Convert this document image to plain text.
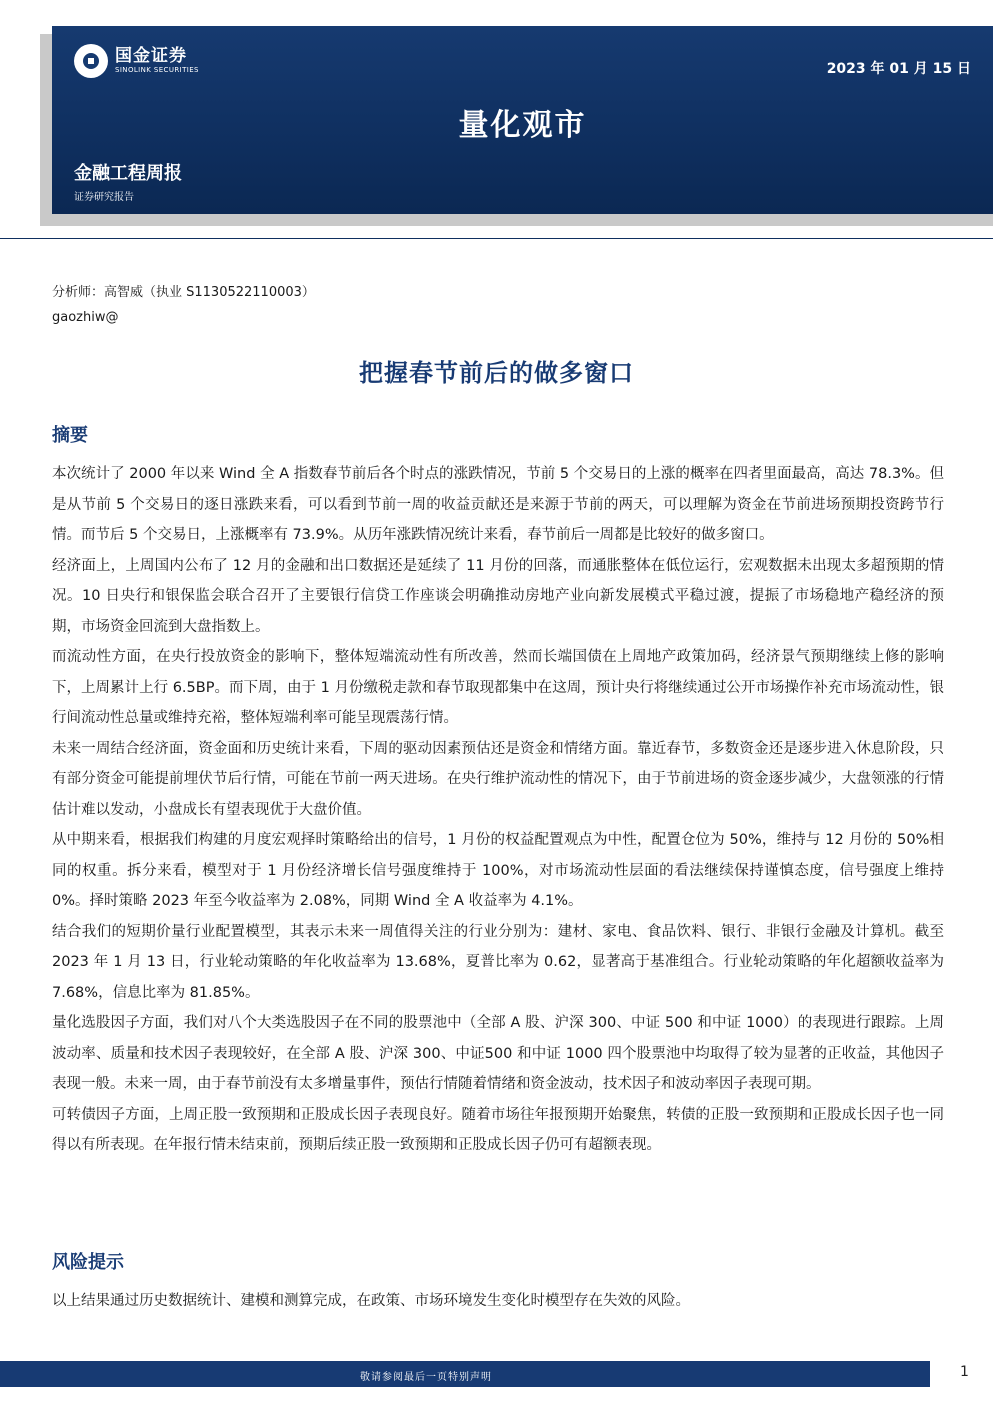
国金证券
SINOLINK SECURITIES	2023 年 01 月 15 日
量化观市
金融工程周报
证券研究报告
分析师：高智威（执业 S1130522110003）
gaozhiw@
把握春节前后的做多窗口
摘要

本次统计了 2000 年以来 Wind 全 A 指数春节前后各个时点的涨跌情况，节前 5 个交易日的上涨的概率在四者里面最高，高达 78.3%。但是从节前 5 个交易日的逐日涨跌来看，可以看到节前一周的收益贡献还是来源于节前的两天，可以理解为资金在节前进场预期投资跨节行情。而节后 5 个交易日，上涨概率有 73.9%。从历年涨跌情况统计来看，春节前后一周都是比较好的做多窗口。

经济面上，上周国内公布了 12 月的金融和出口数据还是延续了 11 月份的回落，而通胀整体在低位运行，宏观数据未出现太多超预期的情况。10 日央行和银保监会联合召开了主要银行信贷工作座谈会明确推动房地产业向新发展模式平稳过渡，提振了市场稳地产稳经济的预期，市场资金回流到大盘指数上。

而流动性方面，在央行投放资金的影响下，整体短端流动性有所改善，然而长端国债在上周地产政策加码，经济景气预期继续上修的影响下，上周累计上行 6.5BP。而下周，由于 1 月份缴税走款和春节取现都集中在这周，预计央行将继续通过公开市场操作补充市场流动性，银行间流动性总量或维持充裕，整体短端利率可能呈现震荡行情。

未来一周结合经济面，资金面和历史统计来看，下周的驱动因素预估还是资金和情绪方面。靠近春节，多数资金还是逐步进入休息阶段，只有部分资金可能提前埋伏节后行情，可能在节前一两天进场。在央行维护流动性的情况下，由于节前进场的资金逐步减少，大盘领涨的行情估计难以发动，小盘成长有望表现优于大盘价值。

从中期来看，根据我们构建的月度宏观择时策略给出的信号，1 月份的权益配置观点为中性，配置仓位为 50%，维持与 12 月份的 50%相同的权重。拆分来看，模型对于 1 月份经济增长信号强度维持于 100%，对市场流动性层面的看法继续保持谨慎态度，信号强度上维持 0%。择时策略 2023 年至今收益率为 2.08%，同期 Wind 全 A 收益率为 4.1%。

结合我们的短期价量行业配置模型，其表示未来一周值得关注的行业分别为：建材、家电、食品饮料、银行、非银行金融及计算机。截至 2023 年 1 月 13 日，行业轮动策略的年化收益率为 13.68%，夏普比率为 0.62，显著高于基准组合。行业轮动策略的年化超额收益率为 7.68%，信息比率为 81.85%。

量化选股因子方面，我们对八个大类选股因子在不同的股票池中（全部 A 股、沪深 300、中证 500 和中证 1000）的表现进行跟踪。上周波动率、质量和技术因子表现较好，在全部 A 股、沪深 300、中证500 和中证 1000 四个股票池中均取得了较为显著的正收益，其他因子表现一般。未来一周，由于春节前没有太多增量事件，预估行情随着情绪和资金波动，技术因子和波动率因子表现可期。

可转债因子方面，上周正股一致预期和正股成长因子表现良好。随着市场往年报预期开始聚焦，转债的正股一致预期和正股成长因子也一同得以有所表现。在年报行情未结束前，预期后续正股一致预期和正股成长因子仍可有超额表现。

风险提示
以上结果通过历史数据统计、建模和测算完成，在政策、市场环境发生变化时模型存在失效的风险。
敬请参阅最后一页特别声明	1
